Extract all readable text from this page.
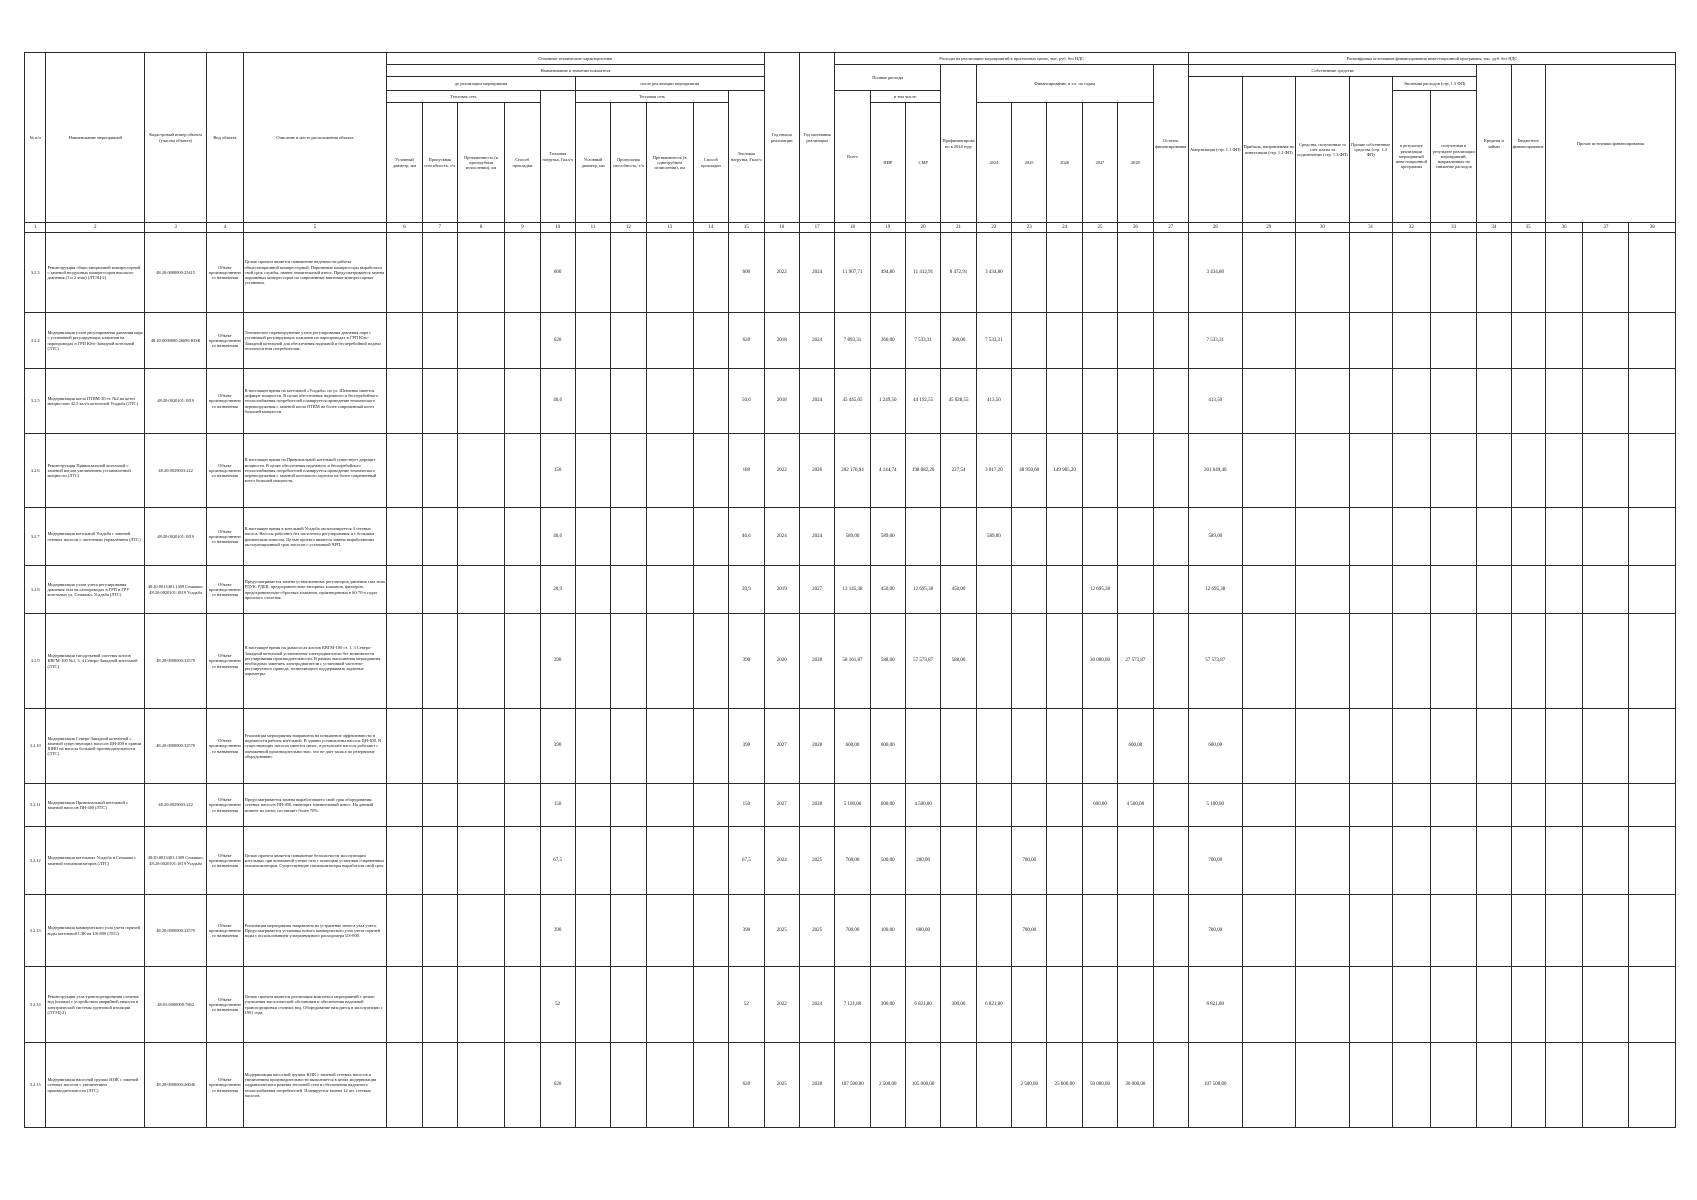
№ п/п	Наименование мероприятий	Кадастровый номер объекта (участка объекта)	Вид объекта	Описание и место расположения объекта	Основные технические характеристики										Год начала реализации	Год окончания реализации	Расходы на реализацию мероприятий в прогнозных ценах, тыс. руб. без НДС										Расшифровка источников финансирования инвестиционной программы, тыс. руб. без НДС										
					Наименование и значение показателя												Полные расходы			Профинансировано к 2024 году	Финансирование, в т.ч. по годам					Остаток финансирования	Собственные средства						Кредиты и займы	Бюджетное финансирование	Прочие источники финансирования		
					до реализации мероприятия					после реализации мероприятия																	Амортизация (стр. 1.1 ФП)	Прибыль, направленная на инвестиции (стр. 1.2 ФП)	Средства, полученные за счет платы за подключение (стр. 1.3 ФП)	Прочие собственные средства (стр. 1.4 ФП)	Экономия расходов (стр. 1.5 ФП)						
					Тепловая сеть				Тепловая нагрузка, Гкал/ч	Тепловая сеть				Тепловая нагрузка, Гкал/ч			Всего	в том числе:													в результате реализации мероприятий инвестиционной программы	полученная в результате реализации мероприятий, направленных на снижение расходов					
					Условный диаметр, мм	Пропускная способность, т/ч	Протяженность (в однотрубном исчислении), км	Способ прокладки		Условный диаметр, мм	Пропускная способность, т/ч	Протяженность (в однотрубном исчислении), км	Способ прокладки					ПИР	СМР		2024	2025	2026	2027	2028												

1	2	3	4	5	6	7	8	9	10	11	12	13	14	15	16	17	18	19	20	21	22	23	24	25	26	27	28	29	30	31	32	33	34	35	36	37	38
3.2.3	Реконструкция общестанционной компрессорной с заменой воздушных компрессоров высокого давления (1 и 2 этап) (ЛТЭЦ-2)	48:20:0000000:25415	Объект производственного назначения	Целью проекта является повышение надежности работы общестанционной компрессорной. Поршневые компрессоры выработали свой срок службы, имеют значительный износ. Предусматривается замена поршневых компрессоров на современные винтовые компрессорные установки.					600					600	2022	2024	11 907,71	494,80	11 412,91	8 472,91	3 434,80						3 434,80										
3.2.4	Модернизация узлов регулирования давления пара с установкой регулирующих клапанов на паропроводах в ГРП Юго-Западной котельной (ЛТС)	48:20:0000000:26086 ЮЗК	Объект производственного назначения	Техническое перевооружение узлов регулирования давления пара с установкой регулирующих клапанов на паропроводах в ГРП Юго-Западной котельной для обеспечения надежной и бесперебойной подачи теплоносителя потребителям.					620					620	2018	2024	7 893,31	360,00	7 533,31	360,00	7 533,31						7 533,31										
3.2.5	Модернизация котла ПТВМ-30 ст. №2 на котел мощностью 42,5 кал/ч котельной Усадьба (ЛТС)	48:20:0020101:1819	Объект производственного назначения	В настоящее время на котельной «Усадьба» по ул. Шевченко имеется дефицит мощности. В целях обеспечения надежного и бесперебойного теплоснабжения потребителей планируется проведение технического перевооружения с заменой котла ПТВМ на более современный котел большей мощности.					46,6					50,6	2018	2024	45 445,05	1 249,50	44 192,55	45 028,55	413,50						413,50										
3.2.6	Реконструкция Привокзальной котельной с заменой котлов увеличением установленной мощности (ЛТС)	48:20:0029603:222	Объект производственного назначения	В настоящее время на Привокзальной котельной существует дефицит мощности. В целях обеспечения надежного и бесперебойного теплоснабжения потребителей планируется проведение технического перевооружения с заменой котельного агрегата на более современный котел большей мощности.					150					180	2022	2026	202 176,94	4 144,74	198 082,20	227,54	3 017,20	48 950,60	149 985,20				201 649,40										
3.2.7	Модернизация котельной Усадьба с заменой сетевых насосов с частотным управлением (ЛТС)	48:20:0020101:1819	Объект производственного назначения	В настоящее время в котельной Усадьба эксплуатируется 4 сетевых насоса. Насосы работают без частотного регулирования и с большим физическим износом. Целью проекта является замена выработавших эксплуатационный срок насосов с установкой ЧРП.					46,6					46,6	2024	2024	589,00	589,00			589,00						589,00										
3.2.8	Модернизация узлов учета регулирования давления газа на газопроводах в ГРП и ГРУ котельных ул. Семашко, Усадьба (ЛТС)	48:20:0013401:1309 Семашко; 48:20:0020101:1819 Усадьба	Объект производственного назначения	Предусматривается замена установленных регуляторов давления газа типа РДУК, РДБК, предохранительно-запорных клапанов, фильтров, предохранительно-сбросных клапанов, произведенных в 60-70-х годах прошлого столетия.					20,9					20,9	2019	2027	13 145,38	450,00	12 695,38	450,00				12 695,38			12 695,38										
3.2.9	Модернизация тягодутьевой системы котлов КВГМ-100 №1, 3, 4 Северо-Западной котельной (ЛТС)	48:20:0000000:32579	Объект производственного назначения	В настоящее время на дымососах котлов КВГМ-100 ст. 1, 3 Северо-Западной котельной установлены электродвигатели без возможности регулирования производительности. В рамках выполнения мероприятия необходимо заменить электродвигатели с установкой частотно-регулируемого привода, позволяющего поддерживать заданные параметры.					390					390	2020	2028	58 161,87	588,00	57 573,87	588,00				30 000,00	27 573,87		57 573,87										
3.2.10	Модернизация Северо-Западной котельной с заменой существующих насосов ЦН-400 в здании ШНО на насосы большей производительности (ЛТС)	48:20:0000000:32579	Объект производственного назначения	Реализация мероприятия направлена на повышение эффективности и надежности работы котельной. В здании установлены насосы ЦН-400. В существующих насосах имеется износ, в результате насосы работают с пониженной производительностью, что не дает запаса по резервному оборудованию.					390					390	2027	2028	600,00	600,00							600,00		600,00										
3.2.11	Модернизация Привокзальной котельной с заменой насосов ПН-400 (ЛТС)	48:20:0029603:222	Объект производственного назначения	Предусматривается замена выработавшего свой срок оборудования: сетевых насосов ПН-400, имеющих значительный износ. На данный момент их износ составляет более 70%.					150					150	2027	2028	5 100,00	600,00	4 500,00					600,00	4 500,00		5 100,00										
3.2.12	Модернизация котельных Усадьба и Семашко с заменой газоанализаторов (ЛТС)	48:20:0013401:1309 Семашко; 48:20:0020101:1819 Усадьба	Объект производственного назначения	Целью проекта является повышение безопасности эксплуатации котельных при возможной утечке газа с помощью установки современных газоанализаторов. Существующие газоанализаторы выработали свой срок.					67,5					67,5	2024	2025	700,00	500,00	200,00			700,00					700,00										
3.2.13	Модернизация коммерческого узла учета горячей воды котельной СЗК на US-800 (ЛТС)	48:20:0000000:32579	Объект производственного назначения	Реализация мероприятия направлена на устранение износа узла учета. Предусматривается установка нового коммерческого узла учета горячей воды с использованием ультразвукового расходомера US-800.					390					390	2025	2025	700,00	100,00	600,00			700,00					700,00										
3.2.14	Реконструкция узла транспортирования сточных вод (шлама) с устройством аварийной емкости и электрической системы грунтовой изоляции (ЛТЭЦ-2)	48:03:0000000:7862	Объект производственного назначения	Целью проекта является реализация комплекса мероприятий с целью улучшения экологической обстановки и обеспечения надежной транспортировки сточных вод. Оборудование находится в эксплуатации с 1991 года.					52					52	2022	2024	7 121,80	300,00	6 821,80	300,00	6 821,80						6 821,80										
3.2.15	Модернизация насосной группы ЮЗК с заменой сетевых насосов с увеличением производительности (ЛТС)	48:20:0000000:26046	Объект производственного назначения	Модернизация насосной группы ЮЗК с заменой сетевых насосов и увеличением производительности выполняется в целях модернизации гидравлического режима тепловой сети и обеспечения надежного теплоснабжения потребителей. Планируется замена 12 шт. сетевых насосов.					620					620	2025	2028	107 500,00	2 500,00	105 000,00			2 500,00	25 000,00	50 000,00	30 000,00		107 500,00										
